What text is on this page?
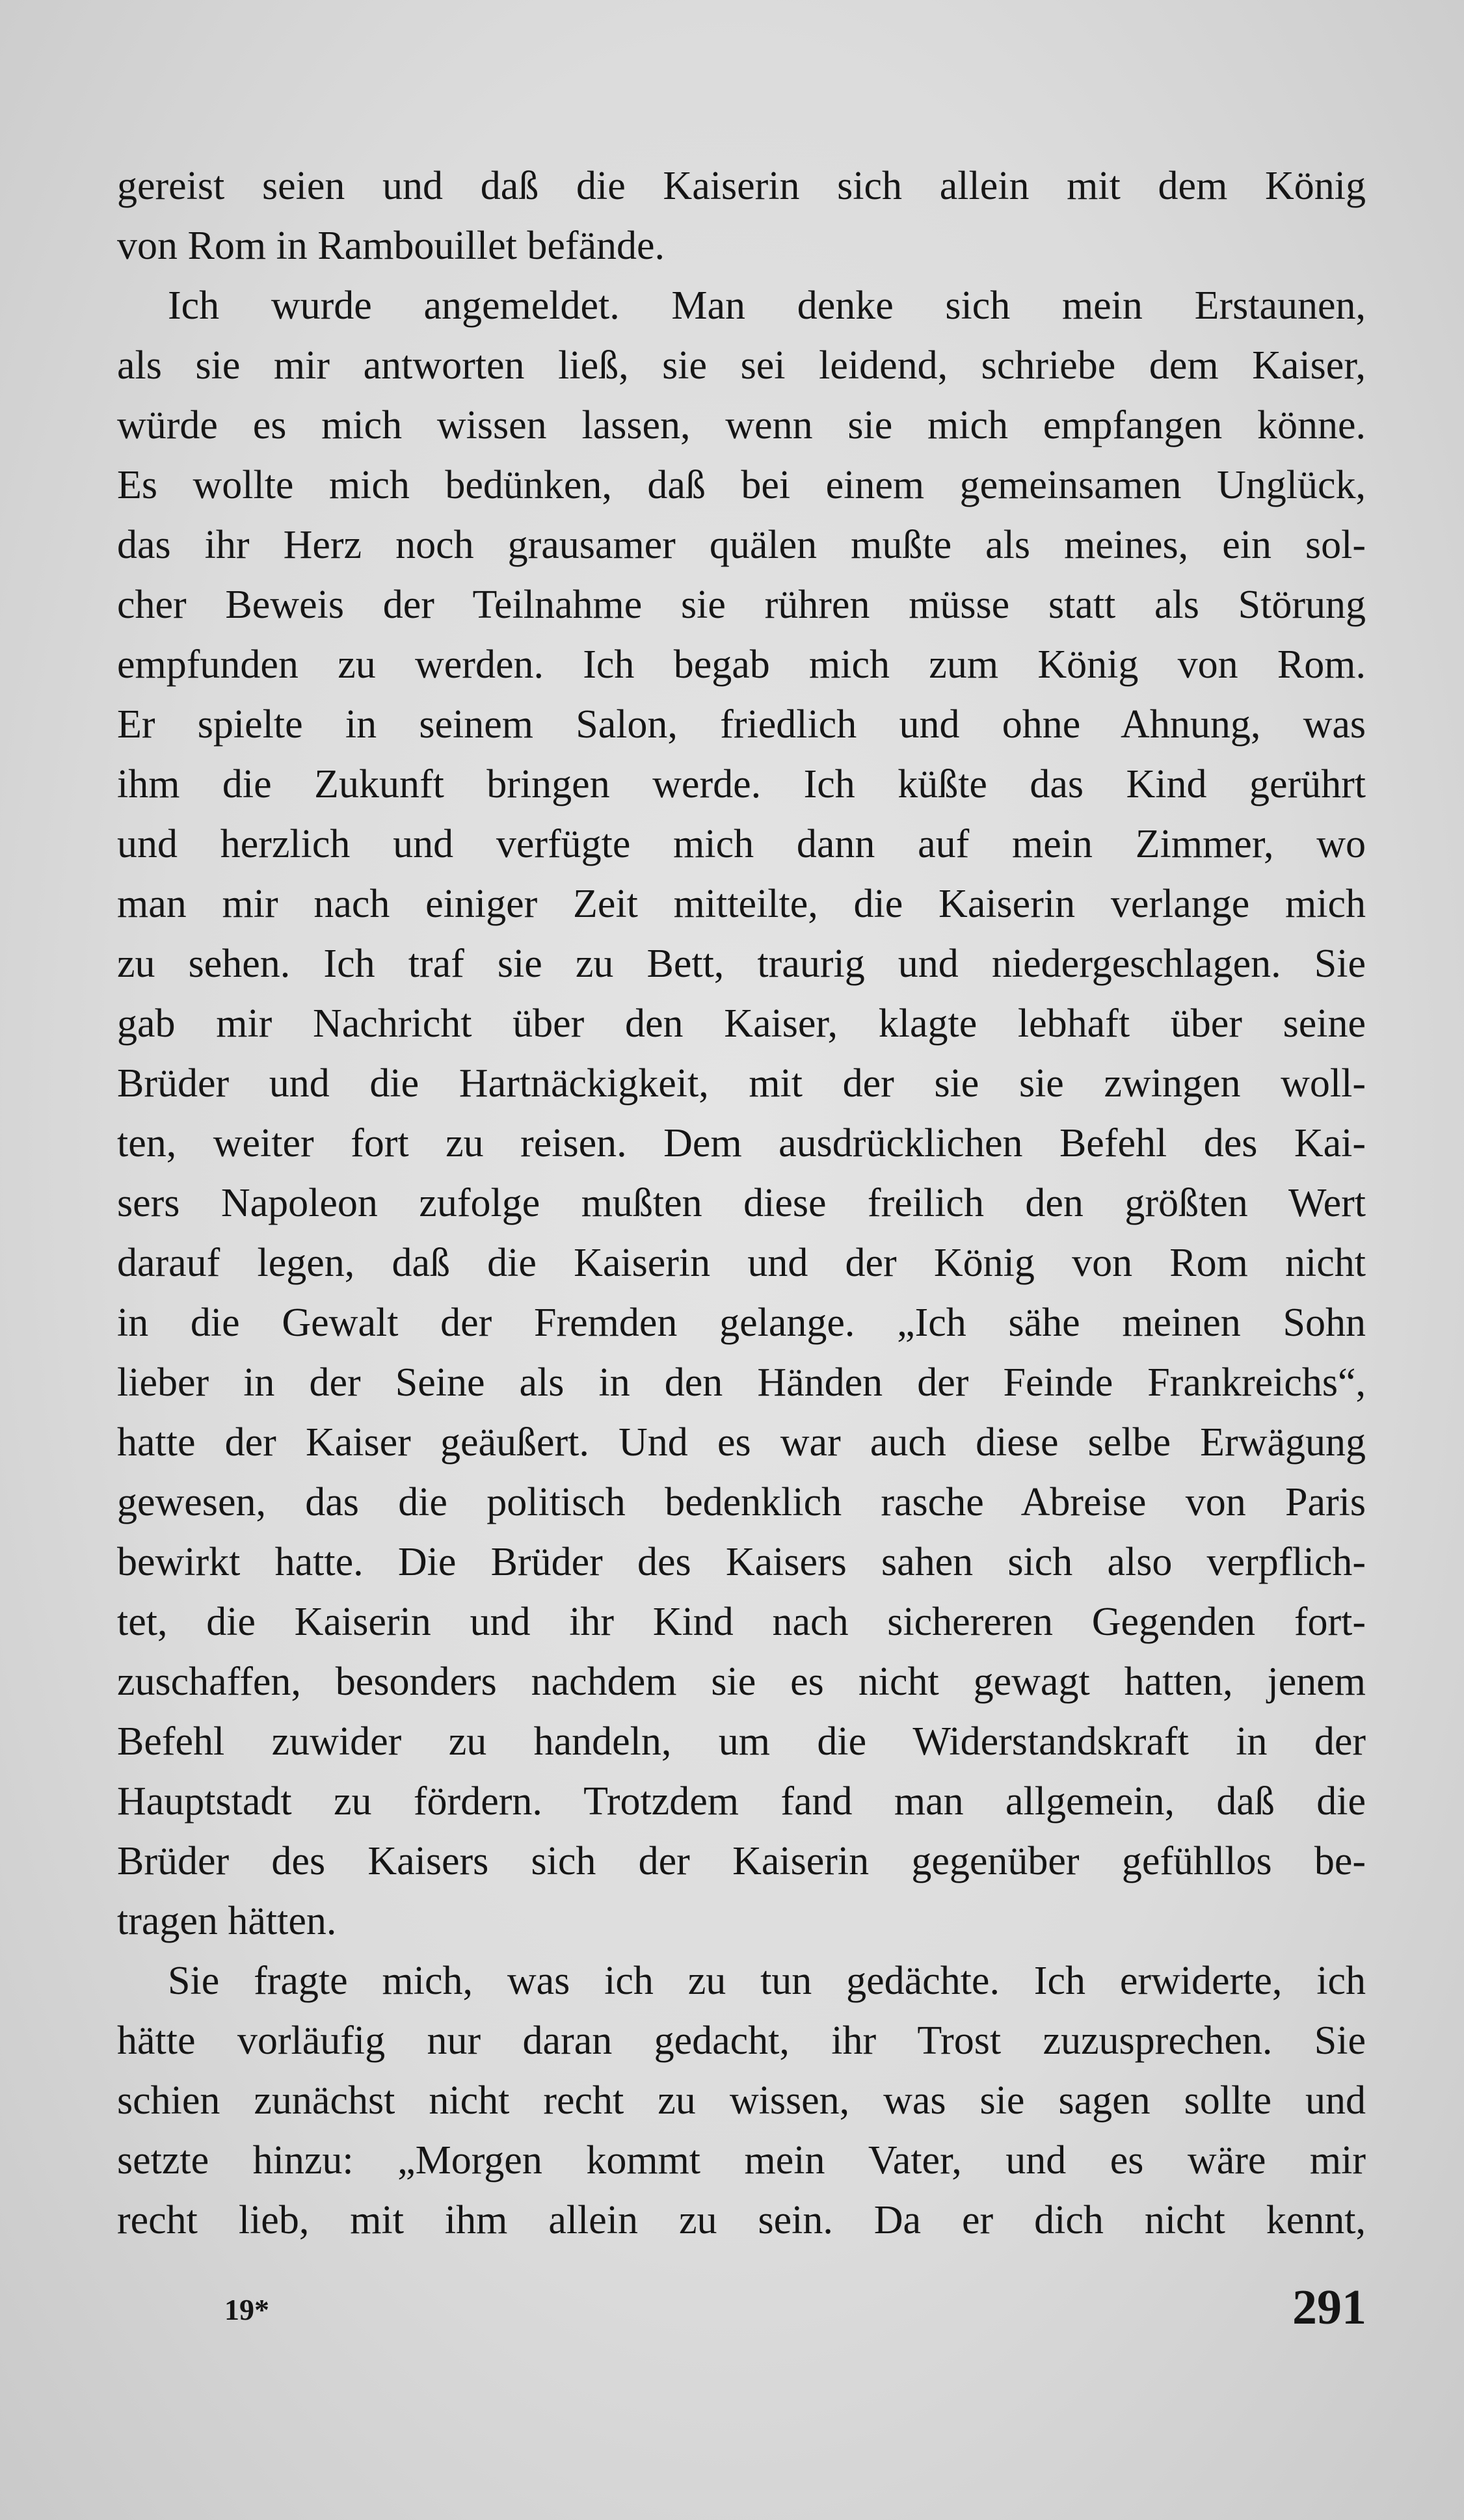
gereist seien und daß die Kaiserin sich allein mit dem König
von Rom in Rambouillet befände.
Ich wurde angemeldet. Man denke sich mein Erstaunen,
als sie mir antworten ließ, sie sei leidend, schriebe dem Kaiser,
würde es mich wissen lassen, wenn sie mich empfangen könne.
Es wollte mich bedünken, daß bei einem gemeinsamen Unglück,
das ihr Herz noch grausamer quälen mußte als meines, ein sol-
cher Beweis der Teilnahme sie rühren müsse statt als Störung
empfunden zu werden. Ich begab mich zum König von Rom.
Er spielte in seinem Salon, friedlich und ohne Ahnung, was
ihm die Zukunft bringen werde. Ich küßte das Kind gerührt
und herzlich und verfügte mich dann auf mein Zimmer, wo
man mir nach einiger Zeit mitteilte, die Kaiserin verlange mich
zu sehen. Ich traf sie zu Bett, traurig und niedergeschlagen. Sie
gab mir Nachricht über den Kaiser, klagte lebhaft über seine
Brüder und die Hartnäckigkeit, mit der sie sie zwingen woll-
ten, weiter fort zu reisen. Dem ausdrücklichen Befehl des Kai-
sers Napoleon zufolge mußten diese freilich den größten Wert
darauf legen, daß die Kaiserin und der König von Rom nicht
in die Gewalt der Fremden gelange. „Ich sähe meinen Sohn
lieber in der Seine als in den Händen der Feinde Frankreichs“,
hatte der Kaiser geäußert. Und es war auch diese selbe Erwägung
gewesen, das die politisch bedenklich rasche Abreise von Paris
bewirkt hatte. Die Brüder des Kaisers sahen sich also verpflich-
tet, die Kaiserin und ihr Kind nach sichereren Gegenden fort-
zuschaffen, besonders nachdem sie es nicht gewagt hatten, jenem
Befehl zuwider zu handeln, um die Widerstandskraft in der
Hauptstadt zu fördern. Trotzdem fand man allgemein, daß die
Brüder des Kaisers sich der Kaiserin gegenüber gefühllos be-
tragen hätten.
Sie fragte mich, was ich zu tun gedächte. Ich erwiderte, ich
hätte vorläufig nur daran gedacht, ihr Trost zuzusprechen. Sie
schien zunächst nicht recht zu wissen, was sie sagen sollte und
setzte hinzu: „Morgen kommt mein Vater, und es wäre mir
recht lieb, mit ihm allein zu sein. Da er dich nicht kennt,
19*	291
